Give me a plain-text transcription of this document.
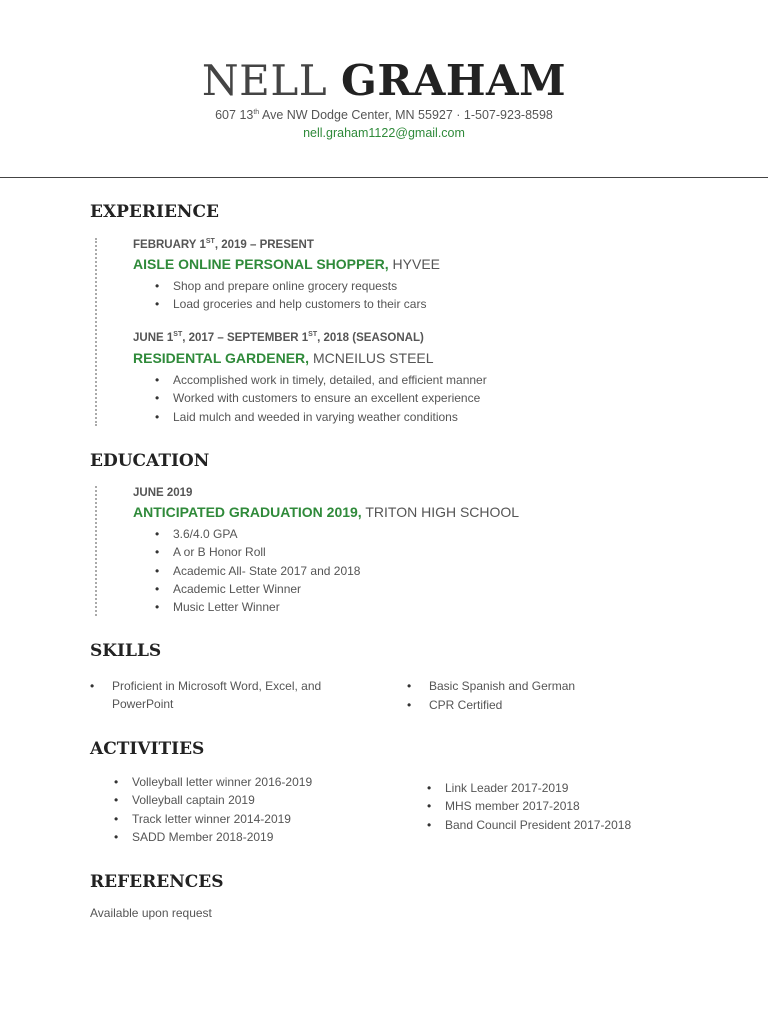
NELL GRAHAM
607 13th Ave NW Dodge Center, MN 55927 · 1-507-923-8598
nell.graham1122@gmail.com
EXPERIENCE
FEBRUARY 1ST, 2019 – PRESENT
AISLE ONLINE PERSONAL SHOPPER, HYVEE
• Shop and prepare online grocery requests
• Load groceries and help customers to their cars
JUNE 1ST, 2017 – SEPTEMBER 1ST, 2018 (SEASONAL)
RESIDENTAL GARDENER, MCNEILUS STEEL
• Accomplished work in timely, detailed, and efficient manner
• Worked with customers to ensure an excellent experience
• Laid mulch and weeded in varying weather conditions
EDUCATION
JUNE 2019
ANTICIPATED GRADUATION 2019, TRITON HIGH SCHOOL
• 3.6/4.0 GPA
• A or B Honor Roll
• Academic All- State 2017 and 2018
• Academic Letter Winner
• Music Letter Winner
SKILLS
• Proficient in Microsoft Word, Excel, and PowerPoint
• Basic Spanish and German
• CPR Certified
ACTIVITIES
• Volleyball letter winner 2016-2019
• Volleyball captain 2019
• Track letter winner 2014-2019
• SADD Member 2018-2019
• Link Leader 2017-2019
• MHS member 2017-2018
• Band Council President 2017-2018
REFERENCES
Available upon request
